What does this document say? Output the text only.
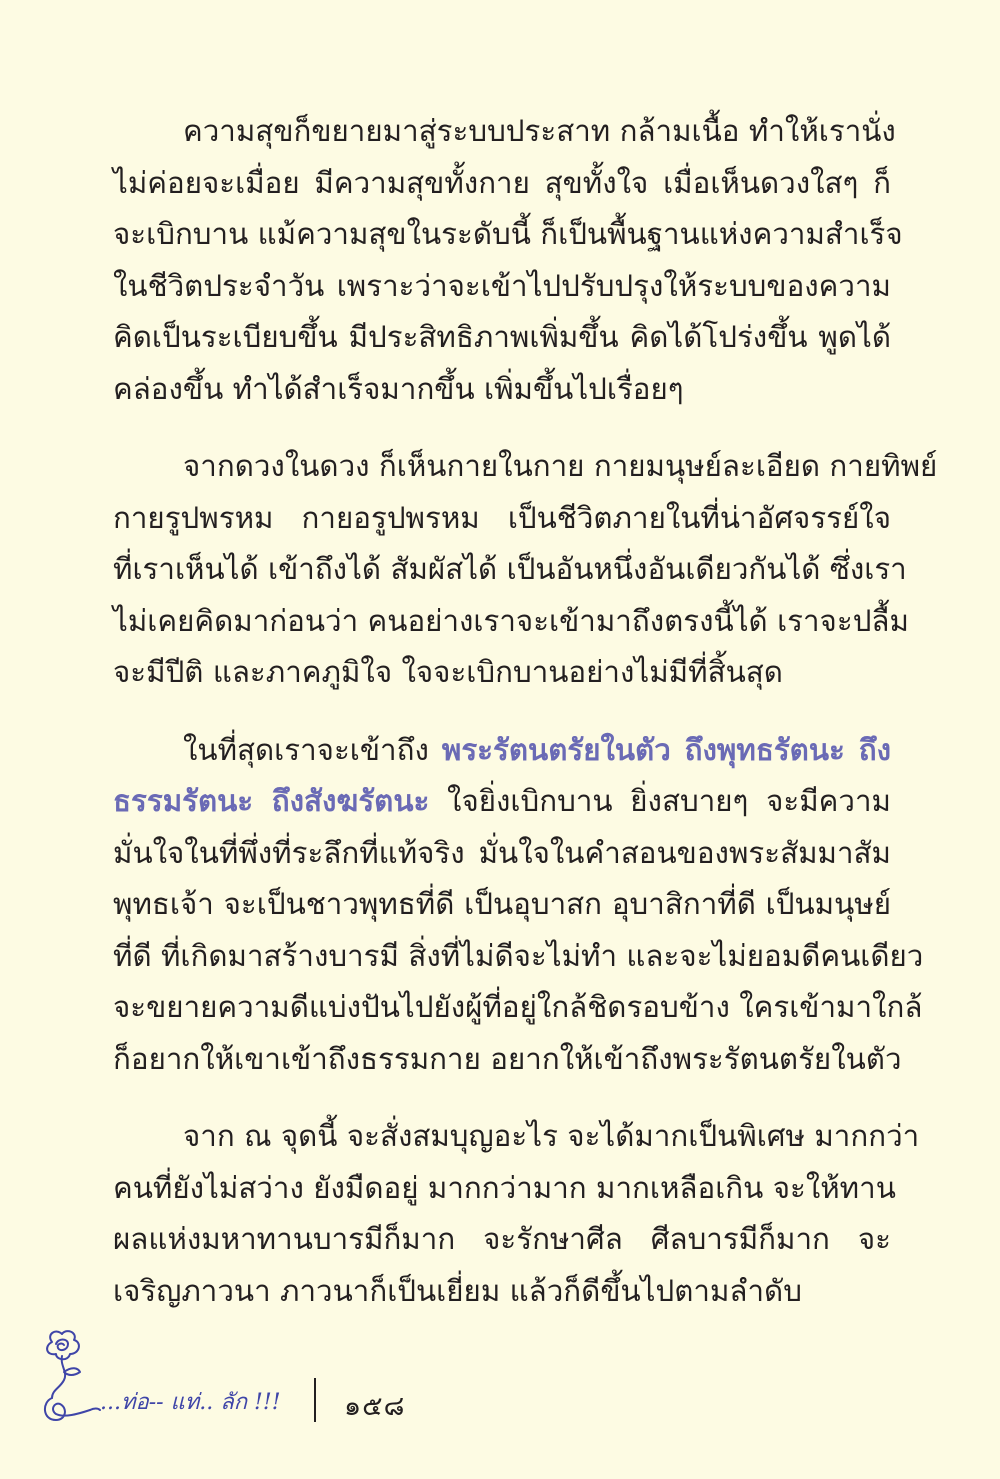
ความสุขก็ขยายมาสู่ระบบประสาท กล้ามเนื้อ ทำให้เรานั่ง
ไม่ค่อยจะเมื่อย มีความสุขทั้งกาย สุขทั้งใจ เมื่อเห็นดวงใสๆ ก็
จะเบิกบาน แม้ความสุขในระดับนี้ ก็เป็นพื้นฐานแห่งความสำเร็จ
ในชีวิตประจำวัน เพราะว่าจะเข้าไปปรับปรุงให้ระบบของความ
คิดเป็นระเบียบขึ้น มีประสิทธิภาพเพิ่มขึ้น คิดได้โปร่งขึ้น พูดได้
คล่องขึ้น ทำได้สำเร็จมากขึ้น เพิ่มขึ้นไปเรื่อยๆ

จากดวงในดวง ก็เห็นกายในกาย กายมนุษย์ละเอียด กายทิพย์
กายรูปพรหม กายอรูปพรหม เป็นชีวิตภายในที่น่าอัศจรรย์ใจ
ที่เราเห็นได้ เข้าถึงได้ สัมผัสได้ เป็นอันหนึ่งอันเดียวกันได้ ซึ่งเรา
ไม่เคยคิดมาก่อนว่า คนอย่างเราจะเข้ามาถึงตรงนี้ได้ เราจะปลื้ม
จะมีปีติ และภาคภูมิใจ ใจจะเบิกบานอย่างไม่มีที่สิ้นสุด

ในที่สุดเราจะเข้าถึง พระรัตนตรัยในตัว ถึงพุทธรัตนะ ถึง
ธรรมรัตนะ ถึงสังฆรัตนะ ใจยิ่งเบิกบาน ยิ่งสบายๆ จะมีความ
มั่นใจในที่พึ่งที่ระลึกที่แท้จริง มั่นใจในคำสอนของพระสัมมาสัม
พุทธเจ้า จะเป็นชาวพุทธที่ดี เป็นอุบาสก อุบาสิกาที่ดี เป็นมนุษย์
ที่ดี ที่เกิดมาสร้างบารมี สิ่งที่ไม่ดีจะไม่ทำ และจะไม่ยอมดีคนเดียว
จะขยายความดีแบ่งปันไปยังผู้ที่อยู่ใกล้ชิดรอบข้าง ใครเข้ามาใกล้
ก็อยากให้เขาเข้าถึงธรรมกาย อยากให้เข้าถึงพระรัตนตรัยในตัว

จาก ณ จุดนี้ จะสั่งสมบุญอะไร จะได้มากเป็นพิเศษ มากกว่า
คนที่ยังไม่สว่าง ยังมืดอยู่ มากกว่ามาก มากเหลือเกิน จะให้ทาน
ผลแห่งมหาทานบารมีก็มาก จะรักษาศีล ศีลบารมีก็มาก จะ
เจริญภาวนา ภาวนาก็เป็นเยี่ยม แล้วก็ดีขึ้นไปตามลำดับ

...ท่อ-- แท่.. ลัก !!! ๑๕๘
